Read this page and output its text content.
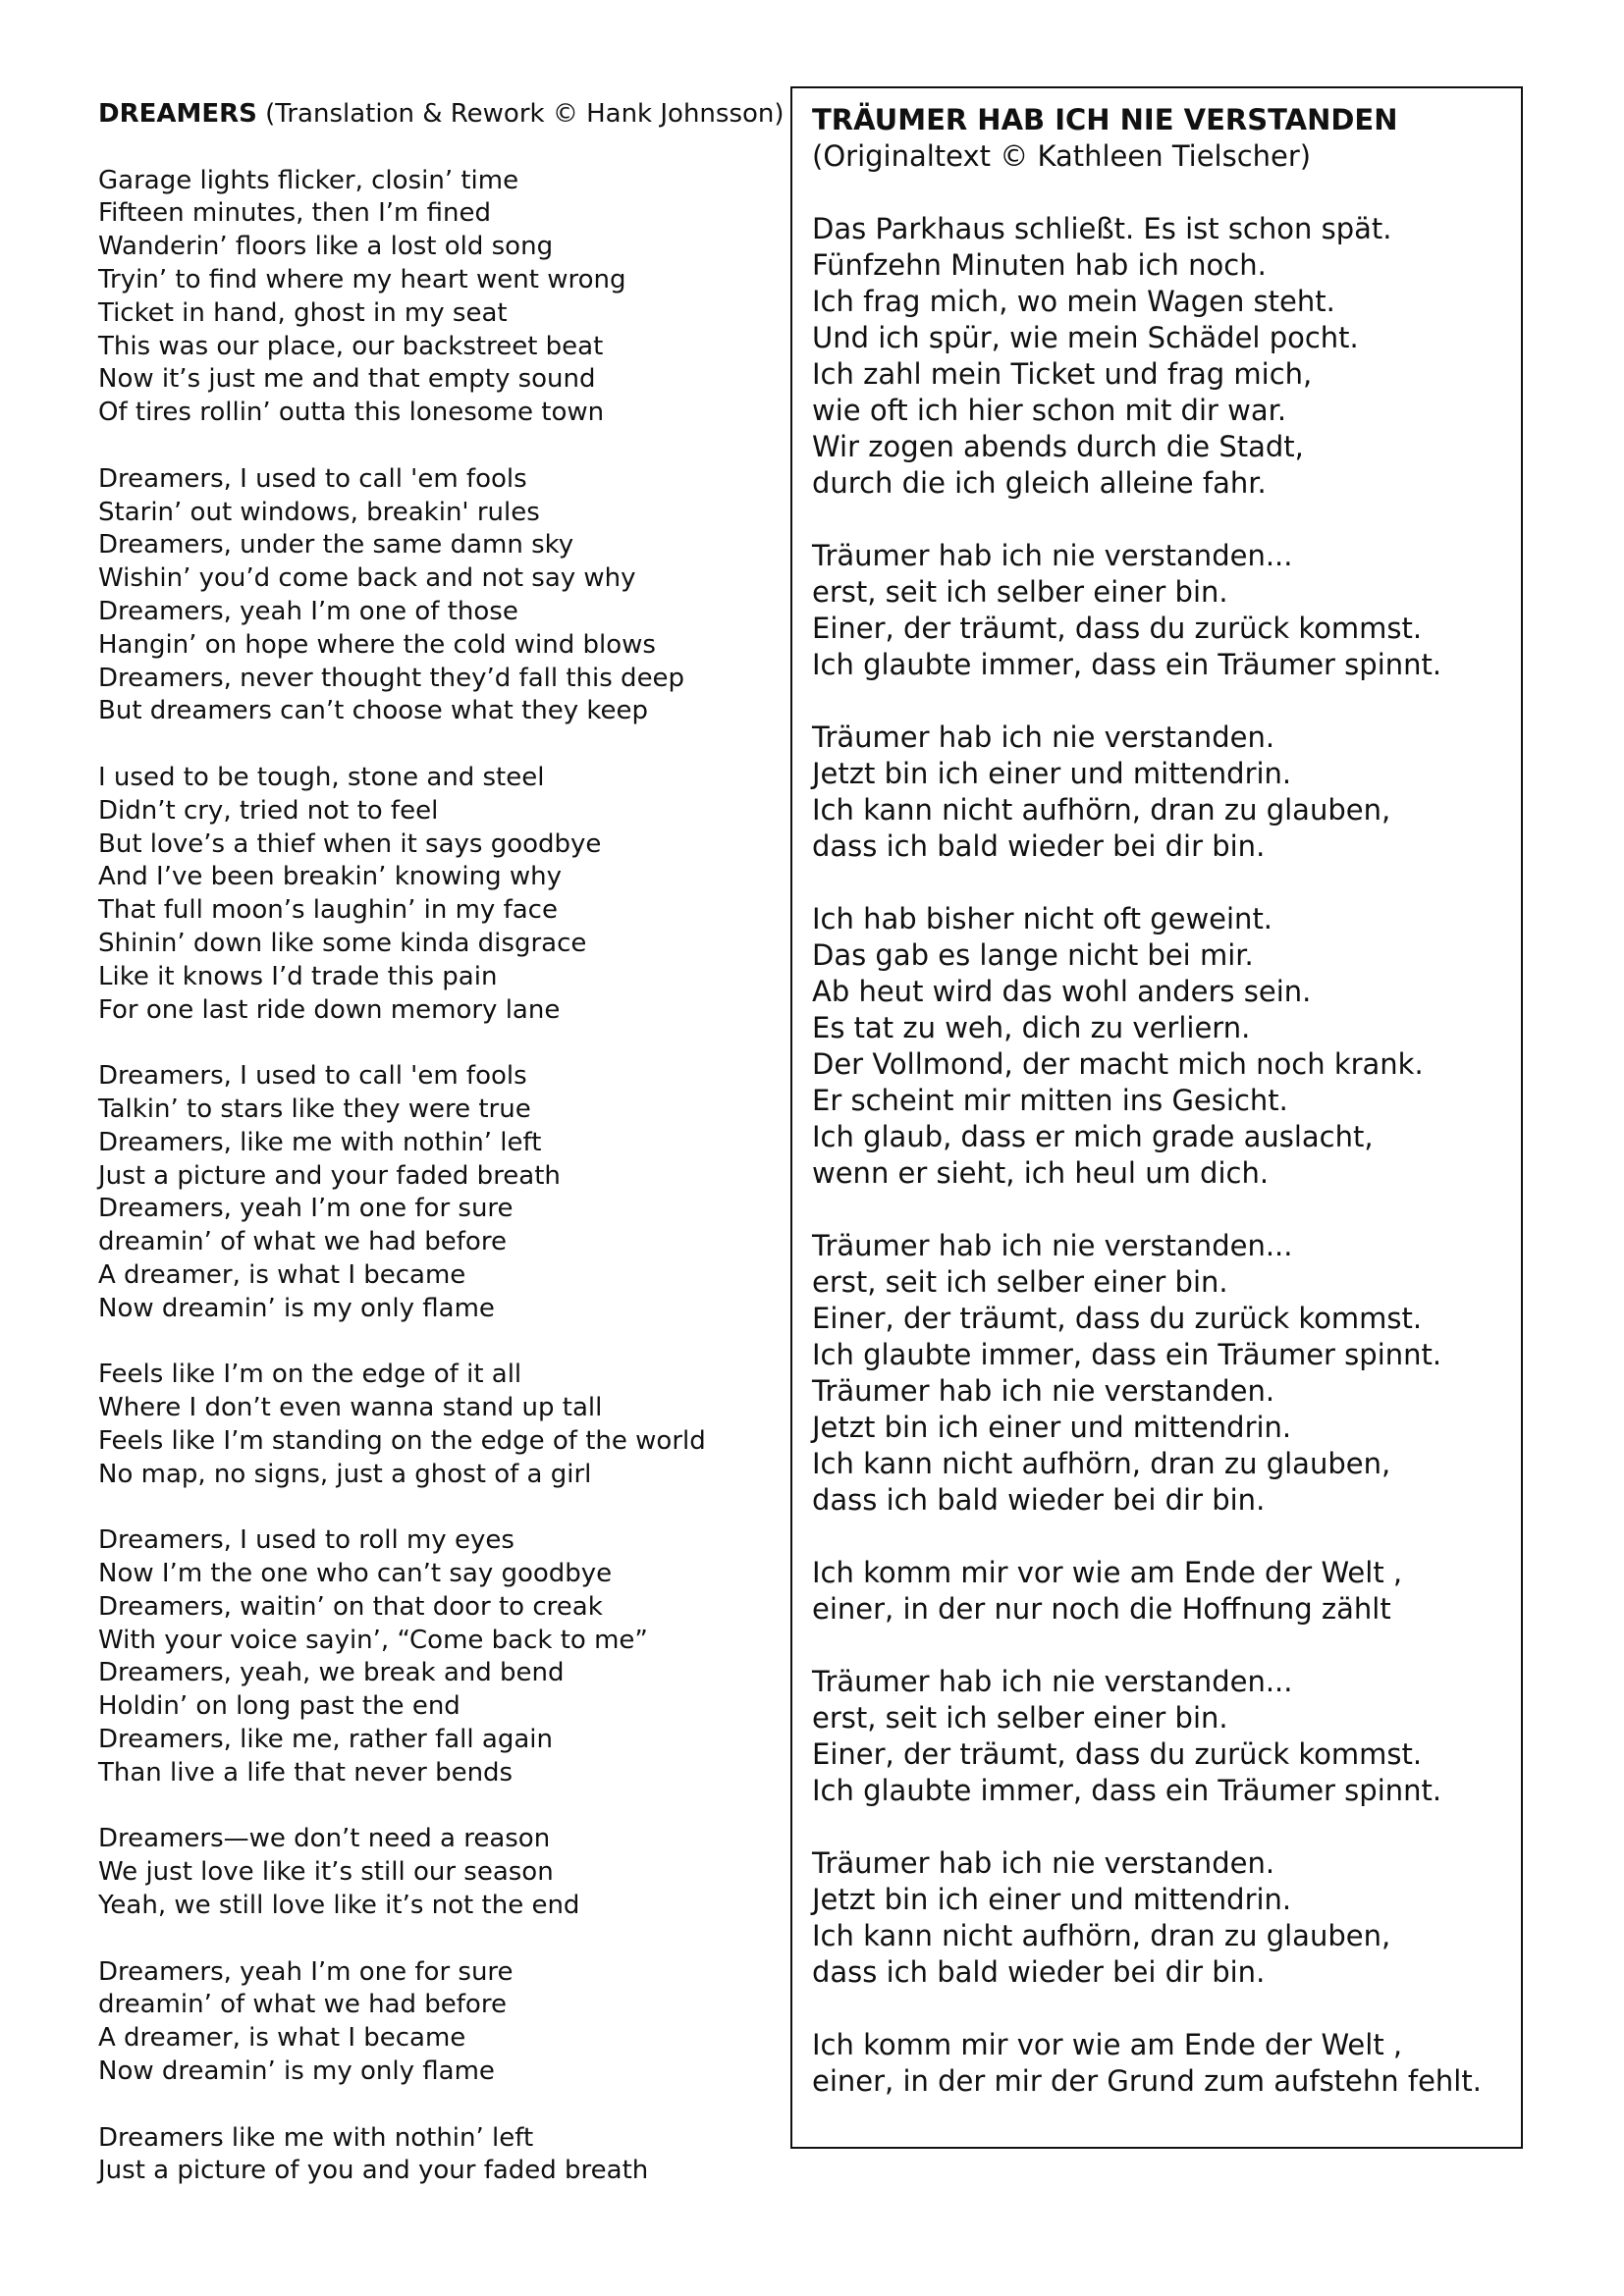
DREAMERS (Translation & Rework © Hank Johnsson)
Garage lights flicker, closin’ time
Fifteen minutes, then I’m fined
Wanderin’ floors like a lost old song
Tryin’ to find where my heart went wrong
Ticket in hand, ghost in my seat
This was our place, our backstreet beat
Now it’s just me and that empty sound
Of tires rollin’ outta this lonesome town
Dreamers, I used to call 'em fools
Starin’ out windows, breakin' rules
Dreamers, under the same damn sky
Wishin’ you’d come back and not say why
Dreamers, yeah I’m one of those
Hangin’ on hope where the cold wind blows
Dreamers, never thought they’d fall this deep
But dreamers can’t choose what they keep
I used to be tough, stone and steel
Didn’t cry, tried not to feel
But love’s a thief when it says goodbye
And I’ve been breakin’ knowing why
That full moon’s laughin’ in my face
Shinin’ down like some kinda disgrace
Like it knows I’d trade this pain
For one last ride down memory lane
Dreamers, I used to call 'em fools
Talkin’ to stars like they were true
Dreamers, like me with nothin’ left
Just a picture and your faded breath
Dreamers, yeah I’m one for sure
dreamin’ of what we had before
A dreamer, is what I became
Now dreamin’ is my only flame
Feels like I’m on the edge of it all
Where I don’t even wanna stand up tall
Feels like I’m standing on the edge of the world
No map, no signs, just a ghost of a girl
Dreamers, I used to roll my eyes
Now I’m the one who can’t say goodbye
Dreamers, waitin’ on that door to creak
With your voice sayin’, “Come back to me”
Dreamers, yeah, we break and bend
Holdin’ on long past the end
Dreamers, like me, rather fall again
Than live a life that never bends
Dreamers—we don’t need a reason
We just love like it’s still our season
Yeah, we still love like it’s not the end
Dreamers, yeah I’m one for sure
dreamin’ of what we had before
A dreamer, is what I became
Now dreamin’ is my only flame
Dreamers like me with nothin’ left
Just a picture of you and your faded breath
TRÄUMER HAB ICH NIE VERSTANDEN
(Originaltext © Kathleen Tielscher)
Das Parkhaus schließt. Es ist schon spät.
Fünfzehn Minuten hab ich noch.
Ich frag mich, wo mein Wagen steht.
Und ich spür, wie mein Schädel pocht.
Ich zahl mein Ticket und frag mich,
wie oft ich hier schon mit dir war.
Wir zogen abends durch die Stadt,
durch die ich gleich alleine fahr.
Träumer hab ich nie verstanden...
erst, seit ich selber einer bin.
Einer, der träumt, dass du zurück kommst.
Ich glaubte immer, dass ein Träumer spinnt.
Träumer hab ich nie verstanden.
Jetzt bin ich einer und mittendrin.
Ich kann nicht aufhörn, dran zu glauben,
dass ich bald wieder bei dir bin.
Ich hab bisher nicht oft geweint.
Das gab es lange nicht bei mir.
Ab heut wird das wohl anders sein.
Es tat zu weh, dich zu verliern.
Der Vollmond, der macht mich noch krank.
Er scheint mir mitten ins Gesicht.
Ich glaub, dass er mich grade auslacht,
wenn er sieht, ich heul um dich.
Träumer hab ich nie verstanden...
erst, seit ich selber einer bin.
Einer, der träumt, dass du zurück kommst.
Ich glaubte immer, dass ein Träumer spinnt.
Träumer hab ich nie verstanden.
Jetzt bin ich einer und mittendrin.
Ich kann nicht aufhörn, dran zu glauben,
dass ich bald wieder bei dir bin.
Ich komm mir vor wie am Ende der Welt ,
einer, in der nur noch die Hoffnung zählt
Träumer hab ich nie verstanden...
erst, seit ich selber einer bin.
Einer, der träumt, dass du zurück kommst.
Ich glaubte immer, dass ein Träumer spinnt.
Träumer hab ich nie verstanden.
Jetzt bin ich einer und mittendrin.
Ich kann nicht aufhörn, dran zu glauben,
dass ich bald wieder bei dir bin.
Ich komm mir vor wie am Ende der Welt ,
einer, in der mir der Grund zum aufstehn fehlt.
